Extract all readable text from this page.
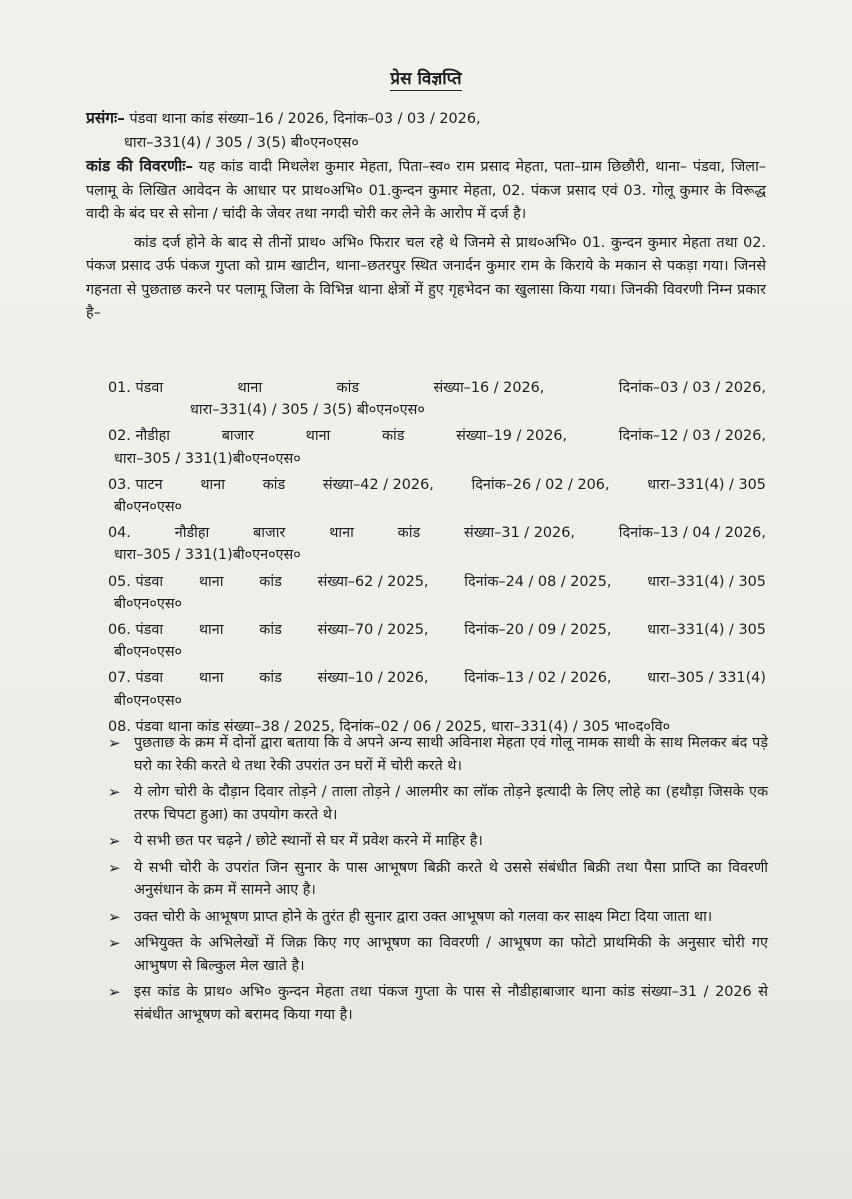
प्रेस विज्ञप्ति

प्रसंगः– पंडवा थाना कांड संख्या–16 / 2026, दिनांक–03 / 03 / 2026,

धारा–331(4) / 305 / 3(5) बी०एन०एस०

कांड की विवरणीः– यह कांड वादी मिथलेश कुमार मेहता, पिता–स्व० राम प्रसाद मेहता, पता–ग्राम छिछौरी, थाना– पंडवा, जिला–पलामू के लिखित आवेदन के आधार पर प्राथ०अभि० 01.कुन्दन कुमार मेहता, 02. पंकज प्रसाद एवं 03. गोलू कुमार के विरूद्ध वादी के बंद घर से सोना / चांदी के जेवर तथा नगदी चोरी कर लेने के आरोप में दर्ज है।

कांड दर्ज होने के बाद से तीनों प्राथ० अभि० फिरार चल रहे थे जिनमे से प्राथ०अभि० 01. कुन्दन कुमार मेहता तथा 02. पंकज प्रसाद उर्फ पंकज गुप्ता को ग्राम खाटीन, थाना–छतरपुर स्थित जनार्दन कुमार राम के किराये के मकान से पकड़ा गया। जिनसे गहनता से पुछताछ करने पर पलामू जिला के विभिन्न थाना क्षेत्रों में हुए गृहभेदन का खुलासा किया गया। जिनकी विवरणी निम्न प्रकार है–

01. पंडवा	थाना	कांड	संख्या–16 / 2026,	दिनांक–03 / 03 / 2026,
धारा–331(4) / 305 / 3(5) बी०एन०एस०
02. नौडीहा	बाजार	थाना	कांड	संख्या–19 / 2026,	दिनांक–12 / 03 / 2026,
धारा–305 / 331(1)बी०एन०एस०
03. पाटन	थाना	कांड	संख्या–42 / 2026,	दिनांक–26 / 02 / 206,	धारा–331(4) / 305
बी०एन०एस०
04.	नौडीहा	बाजार	थाना	कांड	संख्या–31 / 2026,	दिनांक–13 / 04 / 2026,
धारा–305 / 331(1)बी०एन०एस०
05. पंडवा थाना कांड संख्या–62 / 2025, दिनांक–24 / 08 / 2025, धारा–331(4) / 305
बी०एन०एस०
06. पंडवा थाना कांड संख्या–70 / 2025, दिनांक–20 / 09 / 2025, धारा–331(4) / 305
बी०एन०एस०
07. पंडवा थाना कांड संख्या–10 / 2026, दिनांक–13 / 02 / 2026, धारा–305 / 331(4)
बी०एन०एस०
08. पंडवा थाना कांड संख्या–38 / 2025, दिनांक–02 / 06 / 2025, धारा–331(4) / 305 भा०द०वि०
➢ पुछताछ के क्रम में दोनों द्वारा बताया कि वे अपने अन्य साथी अविनाश मेहता एवं गोलू नामक साथी के साथ मिलकर बंद पड़े घरो का रेकी करते थे तथा रेकी उपरांत उन घरों में चोरी करते थे।
➢ ये लोग चोरी के दौड़ान दिवार तोड़ने / ताला तोड़ने / आलमीर का लॉक तोड़ने इत्यादी के लिए लोहे का (हथौड़ा जिसके एक तरफ चिपटा हुआ) का उपयोग करते थे।
➢ ये सभी छत पर चढ़ने / छोटे स्थानों से घर में प्रवेश करने में माहिर है।
➢ ये सभी चोरी के उपरांत जिन सुनार के पास आभूषण बिक्री करते थे उससे संबंधीत बिक्री तथा पैसा प्राप्ति का विवरणी अनुसंधान के क्रम में सामने आए है।
➢ उक्त चोरी के आभूषण प्राप्त होने के तुरंत ही सुनार द्वारा उक्त आभूषण को गलवा कर साक्ष्य मिटा दिया जाता था।
➢ अभियुक्त के अभिलेखों में जिक्र किए गए आभूषण का विवरणी / आभूषण का फोटो प्राथमिकी के अनुसार चोरी गए आभुषण से बिल्कुल मेल खाते है।
➢ इस कांड के प्राथ० अभि० कुन्दन मेहता तथा पंकज गुप्ता के पास से नौडीहाबाजार थाना कांड संख्या–31 / 2026 से संबंधीत आभूषण को बरामद किया गया है।
